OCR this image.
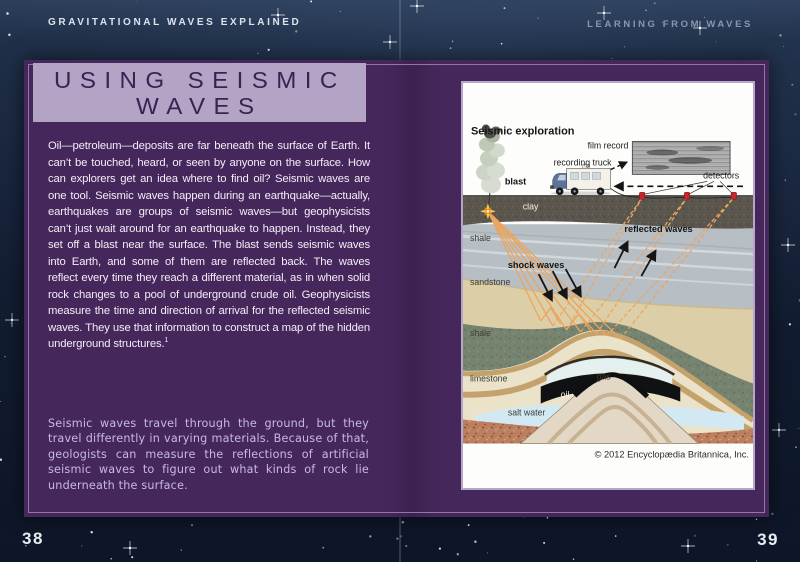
GRAVITATIONAL WAVES EXPLAINED	LEARNING FROM WAVES
38	39
USING SEISMIC
WAVES

Oil—petroleum—deposits are far beneath the surface of Earth. It can’t be touched, heard, or seen by anyone on the surface. How can explorers get an idea where to find oil? Seismic waves are one tool. Seismic waves happen during an earthquake—actually, earthquakes are groups of seismic waves—but geophysicists can’t just wait around for an earthquake to happen. Instead, they set off a blast near the surface. The blast sends seismic waves into Earth, and some of them are reflected back. The waves reflect every time they reach a different material, as in when solid rock changes to a pool of underground crude oil. Geophysicists measure the time and direction of arrival for the reflected seismic waves. They use that information to construct a map of the hidden underground structures.$^1$

Seismic waves travel through the ground, but they travel differently in varying materials. Because of that, geologists can measure the reflections of artificial seismic waves to figure out what kinds of rock lie underneath the surface.

Seismic exploration
film record
recording truck
blast
detectors
clay
shale
sandstone
shale
limestone	gas
oil
salt water
shock waves
reflected waves
© 2012 Encyclopædia Britannica, Inc.
